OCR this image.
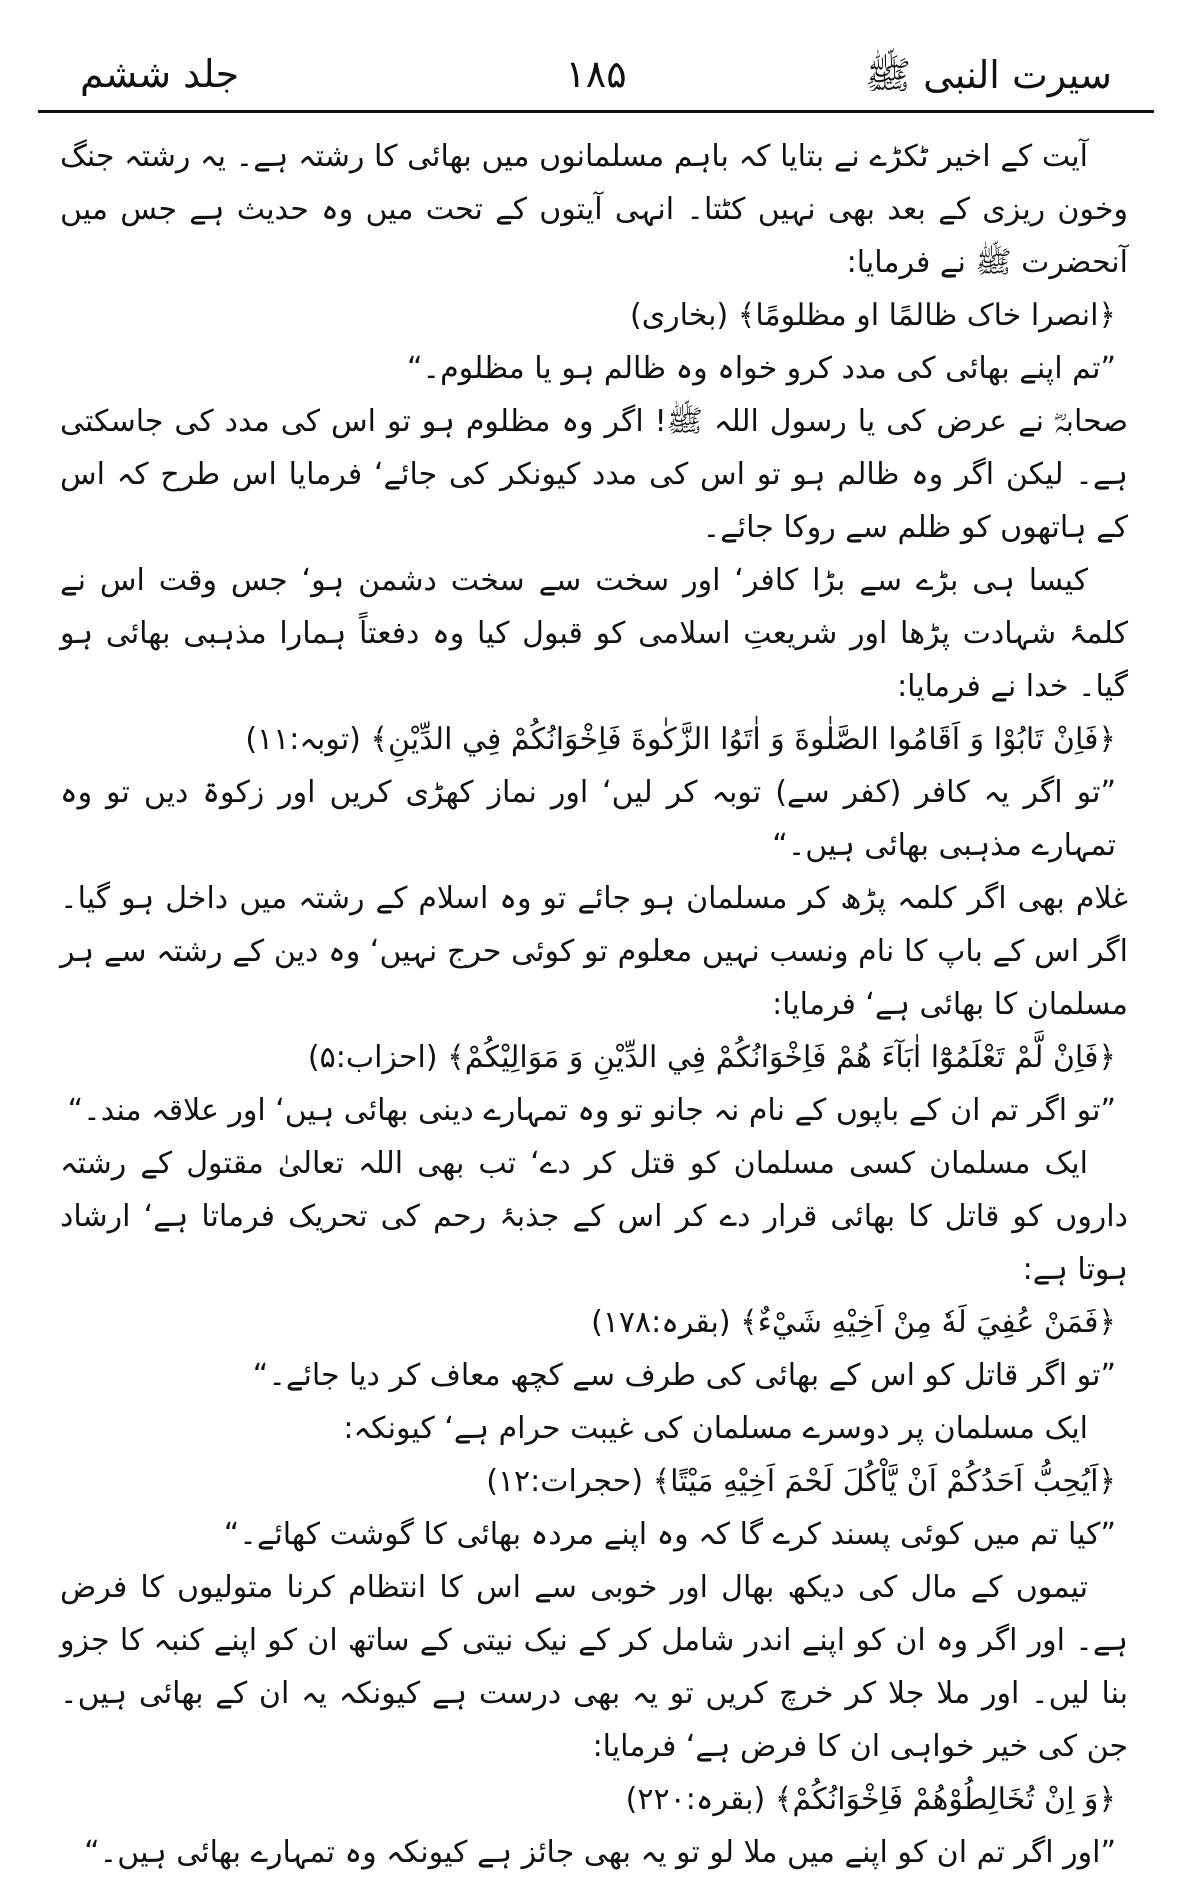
سیرت النبی ﷺ
۱۸۵
جلد ششم

آیت کے اخیر ٹکڑے نے بتایا کہ باہم مسلمانوں میں بھائی کا رشتہ ہے۔ یہ رشتہ جنگ وخون ریزی کے بعد بھی نہیں کٹتا۔ انہی آیتوں کے تحت میں وہ حدیث ہے جس میں آنحضرت ﷺ نے فرمایا:

﴿انصرا خاک ظالمًا او مظلومًا﴾ (بخاری)

”تم اپنے بھائی کی مدد کرو خواہ وہ ظالم ہو یا مظلوم۔“

صحابہؓ نے عرض کی یا رسول اللہ ﷺ! اگر وہ مظلوم ہو تو اس کی مدد کی جاسکتی ہے۔ لیکن اگر وہ ظالم ہو تو اس کی مدد کیونکر کی جائے‘ فرمایا اس طرح کہ اس کے ہاتھوں کو ظلم سے روکا جائے۔

کیسا ہی بڑے سے بڑا کافر‘ اور سخت سے سخت دشمن ہو‘ جس وقت اس نے کلمۂ شہادت پڑھا اور شریعتِ اسلامی کو قبول کیا وہ دفعتاً ہمارا مذہبی بھائی ہو گیا۔ خدا نے فرمایا:

﴿فَاِنْ تَابُوْا وَ اَقَامُوا الصَّلٰوةَ وَ اٰتَوُا الزَّكٰوةَ فَاِخْوَانُكُمْ فِي الدِّيْنِ﴾ (توبہ:۱۱)

”تو اگر یہ کافر (کفر سے) توبہ کر لیں‘ اور نماز کھڑی کریں اور زکوۃ دیں تو وہ تمہارے مذہبی بھائی ہیں۔“

غلام بھی اگر کلمہ پڑھ کر مسلمان ہو جائے تو وہ اسلام کے رشتہ میں داخل ہو گیا۔ اگر اس کے باپ کا نام ونسب نہیں معلوم تو کوئی حرج نہیں‘ وہ دین کے رشتہ سے ہر مسلمان کا بھائی ہے‘ فرمایا:

﴿فَاِنْ لَّمْ تَعْلَمُوْٓا اٰبَآءَ هُمْ فَاِخْوَانُكُمْ فِي الدِّيْنِ وَ مَوَالِيْكُمْ﴾ (احزاب:۵)

”تو اگر تم ان کے باپوں کے نام نہ جانو تو وہ تمہارے دینی بھائی ہیں‘ اور علاقہ مند۔“

ایک مسلمان کسی مسلمان کو قتل کر دے‘ تب بھی اللہ تعالیٰ مقتول کے رشتہ داروں کو قاتل کا بھائی قرار دے کر اس کے جذبۂ رحم کی تحریک فرماتا ہے‘ ارشاد ہوتا ہے:

﴿فَمَنْ عُفِيَ لَهٗ مِنْ اَخِيْهِ شَيْءٌ﴾ (بقرہ:۱۷۸)

”تو اگر قاتل کو اس کے بھائی کی طرف سے کچھ معاف کر دیا جائے۔“

ایک مسلمان پر دوسرے مسلمان کی غیبت حرام ہے‘ کیونکہ:

﴿اَيُحِبُّ اَحَدُكُمْ اَنْ يَّاْكُلَ لَحْمَ اَخِيْهِ مَيْتًا﴾ (حجرات:۱۲)

”کیا تم میں کوئی پسند کرے گا کہ وہ اپنے مردہ بھائی کا گوشت کھائے۔“

تیموں کے مال کی دیکھ بھال اور خوبی سے اس کا انتظام کرنا متولیوں کا فرض ہے۔ اور اگر وہ ان کو اپنے اندر شامل کر کے نیک نیتی کے ساتھ ان کو اپنے کنبہ کا جزو بنا لیں۔ اور ملا جلا کر خرچ کریں تو یہ بھی درست ہے کیونکہ یہ ان کے بھائی ہیں۔ جن کی خیر خواہی ان کا فرض ہے‘ فرمایا:

﴿وَ اِنْ تُخَالِطُوْهُمْ فَاِخْوَانُكُمْ﴾ (بقرہ:۲۲۰)

”اور اگر تم ان کو اپنے میں ملا لو تو یہ بھی جائز ہے کیونکہ وہ تمہارے بھائی ہیں۔“
